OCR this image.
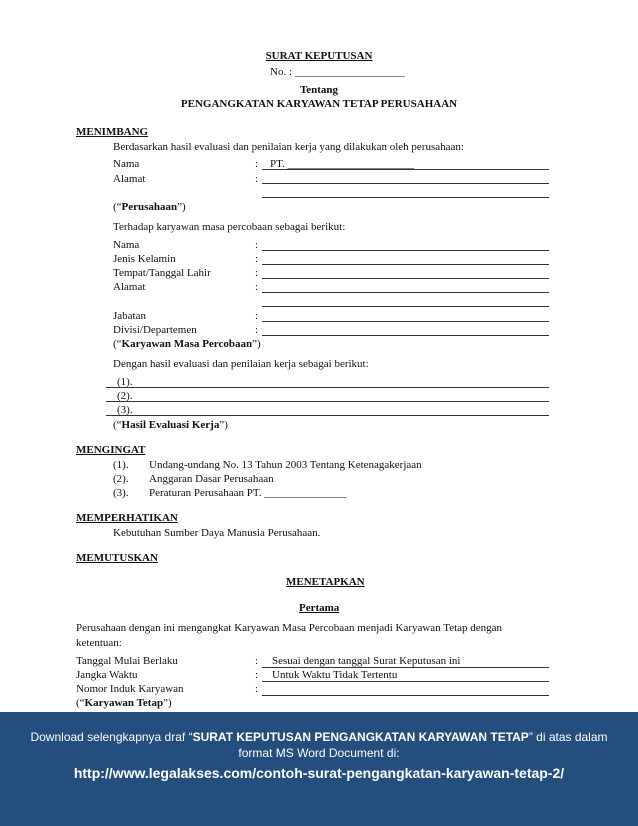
SURAT KEPUTUSAN
No. : ____________________
Tentang
PENGANGKATAN KARYAWAN TETAP PERUSAHAAN
MENIMBANG
Berdasarkan hasil evaluasi dan penilaian kerja yang dilakukan oleh perusahaan:
Nama	: PT. _______________________
Alamat	:
(“Perusahaan”)
Terhadap karyawan masa percobaan sebagai berikut:
Nama	:
Jenis Kelamin	:
Tempat/Tanggal Lahir	:
Alamat	:
Jabatan	:
Divisi/Departemen	:
(“Karyawan Masa Percobaan”)
Dengan hasil evaluasi dan penilaian kerja sebagai berikut:
(1).
(2).
(3).
(“Hasil Evaluasi Kerja”)
MENGINGAT
(1). Undang-undang No. 13 Tahun 2003 Tentang Ketenagakerjaan
(2). Anggaran Dasar Perusahaan
(3). Peraturan Perusahaan PT. _______________
MEMPERHATIKAN
Kebutuhan Sumber Daya Manusia Perusahaan.
MEMUTUSKAN
MENETAPKAN
Pertama
Perusahaan dengan ini mengangkat Karyawan Masa Percobaan menjadi Karyawan Tetap dengan
ketentuan:
Tanggal Mulai Berlaku	: Sesuai dengan tanggal Surat Keputusan ini
Jangka Waktu	: Untuk Waktu Tidak Tertentu
Nomor Induk Karyawan	:
(“Karyawan Tetap”)
Download selengkapnya draf “SURAT KEPUTUSAN PENGANGKATAN KARYAWAN TETAP” di atas dalam format MS Word Document di:
http://www.legalakses.com/contoh-surat-pengangkatan-karyawan-tetap-2/
